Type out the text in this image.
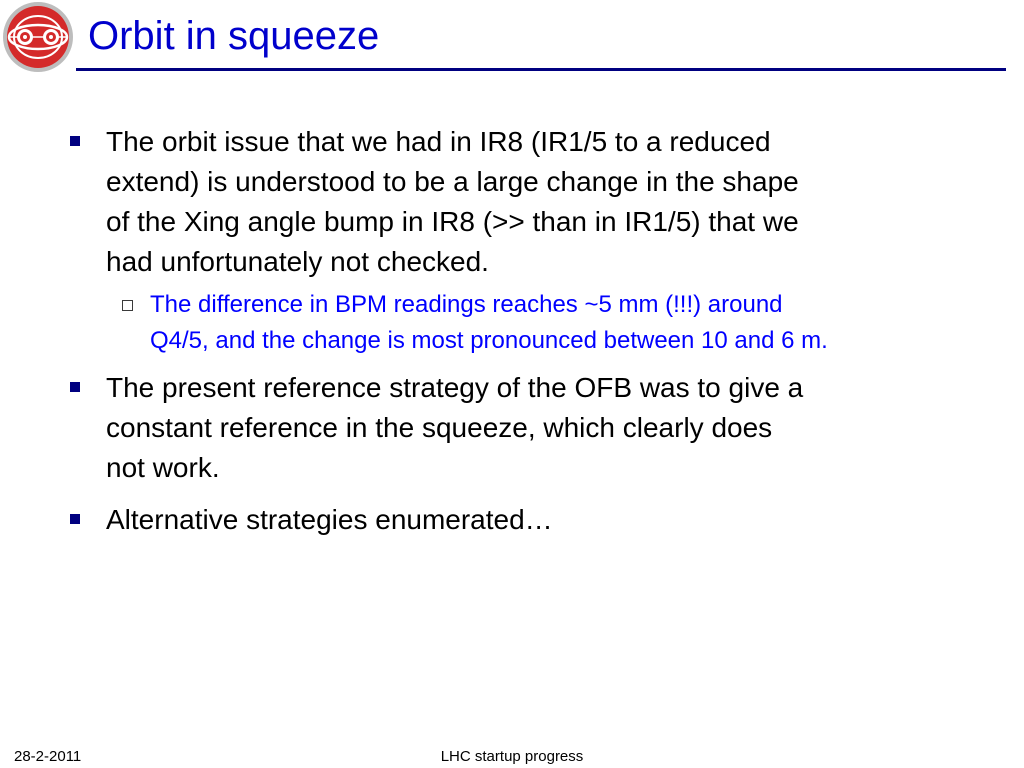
Orbit in squeeze
The orbit issue that we had in IR8 (IR1/5 to a reduced
extend) is understood to be a large change in the shape
of the Xing angle bump in IR8 (>> than in IR1/5) that we
had unfortunately not checked.
The difference in BPM readings reaches ~5 mm (!!!) around
Q4/5, and the change is most pronounced between 10 and 6 m.
The present reference strategy of the OFB was to give a
constant reference in the squeeze, which clearly does
not work.
Alternative strategies enumerated…
28-2-2011	LHC startup progress
